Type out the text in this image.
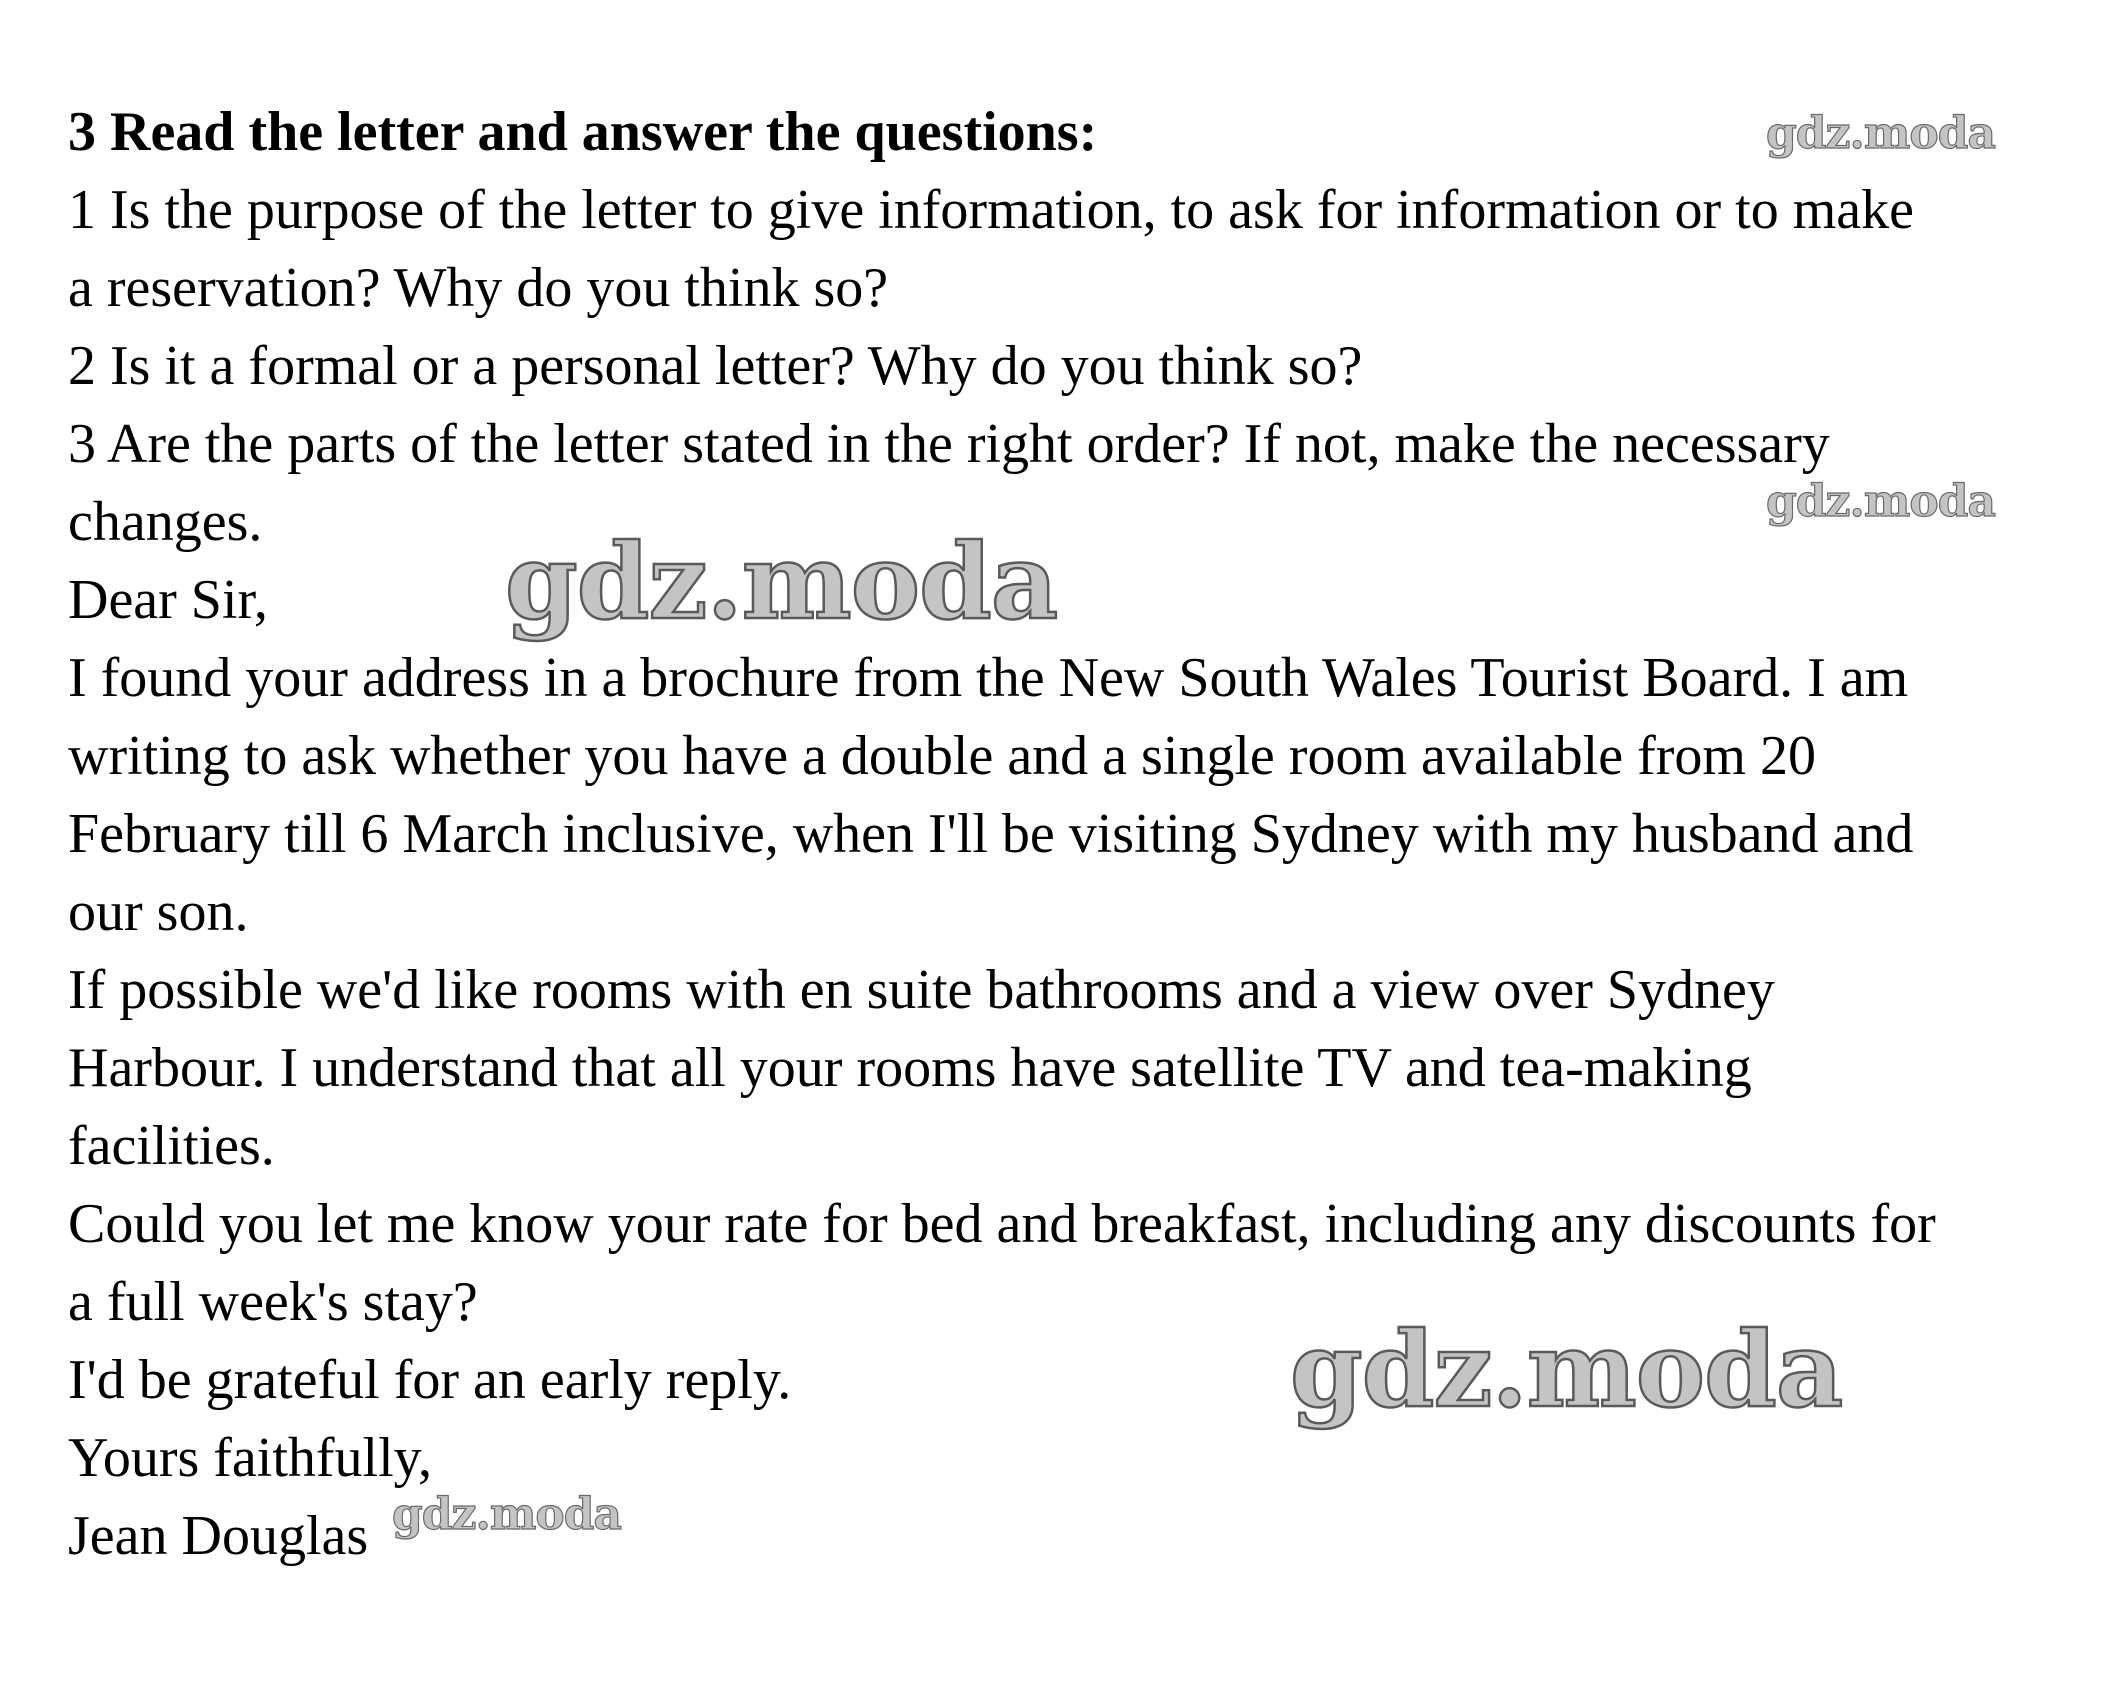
3 Read the letter and answer the questions:
1 Is the purpose of the letter to give information, to ask for information or to make
a reservation? Why do you think so?
2 Is it a formal or a personal letter? Why do you think so?
3 Are the parts of the letter stated in the right order? If not, make the necessary
changes.
Dear Sir,
I found your address in a brochure from the New South Wales Tourist Board. I am
writing to ask whether you have a double and a single room available from 20
February till 6 March inclusive, when I'll be visiting Sydney with my husband and
our son.
If possible we'd like rooms with en suite bathrooms and a view over Sydney
Harbour. I understand that all your rooms have satellite TV and tea-making
facilities.
Could you let me know your rate for bed and breakfast, including any discounts for
a full week's stay?
I'd be grateful for an early reply.
Yours faithfully,
Jean Douglas
gdz.moda
gdz.moda
gdz.moda
gdz.moda
gdz.moda
